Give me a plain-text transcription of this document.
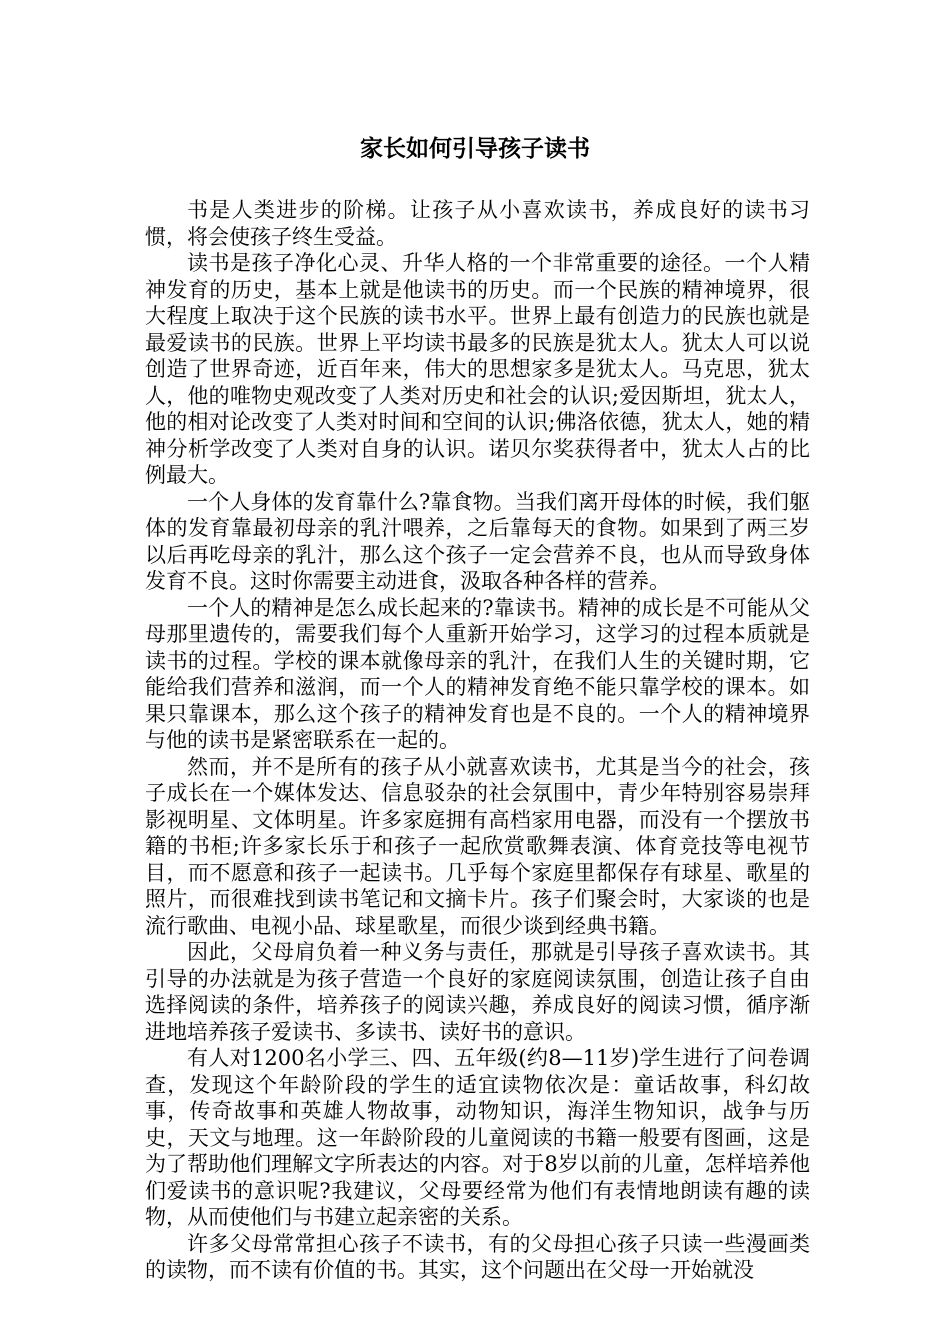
家长如何引导孩子读书

书是人类进步的阶梯。让孩子从小喜欢读书，养成良好的读书习惯，将会使孩子终生受益。

读书是孩子净化心灵、升华人格的一个非常重要的途径。一个人精神发育的历史，基本上就是他读书的历史。而一个民族的精神境界，很大程度上取决于这个民族的读书水平。世界上最有创造力的民族也就是最爱读书的民族。世界上平均读书最多的民族是犹太人。犹太人可以说创造了世界奇迹，近百年来，伟大的思想家多是犹太人。马克思，犹太人，他的唯物史观改变了人类对历史和社会的认识;爱因斯坦，犹太人，他的相对论改变了人类对时间和空间的认识;佛洛依德，犹太人，她的精神分析学改变了人类对自身的认识。诺贝尔奖获得者中，犹太人占的比例最大。

一个人身体的发育靠什么?靠食物。当我们离开母体的时候，我们躯体的发育靠最初母亲的乳汁喂养，之后靠每天的食物。如果到了两三岁以后再吃母亲的乳汁，那么这个孩子一定会营养不良，也从而导致身体发育不良。这时你需要主动进食，汲取各种各样的营养。

一个人的精神是怎么成长起来的?靠读书。精神的成长是不可能从父母那里遗传的，需要我们每个人重新开始学习，这学习的过程本质就是读书的过程。学校的课本就像母亲的乳汁，在我们人生的关键时期，它能给我们营养和滋润，而一个人的精神发育绝不能只靠学校的课本。如果只靠课本，那么这个孩子的精神发育也是不良的。一个人的精神境界与他的读书是紧密联系在一起的。

然而，并不是所有的孩子从小就喜欢读书，尤其是当今的社会，孩子成长在一个媒体发达、信息驳杂的社会氛围中，青少年特别容易崇拜影视明星、文体明星。许多家庭拥有高档家用电器，而没有一个摆放书籍的书柜;许多家长乐于和孩子一起欣赏歌舞表演、体育竞技等电视节目，而不愿意和孩子一起读书。几乎每个家庭里都保存有球星、歌星的照片，而很难找到读书笔记和文摘卡片。孩子们聚会时，大家谈的也是流行歌曲、电视小品、球星歌星，而很少谈到经典书籍。

因此，父母肩负着一种义务与责任，那就是引导孩子喜欢读书。其引导的办法就是为孩子营造一个良好的家庭阅读氛围，创造让孩子自由选择阅读的条件，培养孩子的阅读兴趣，养成良好的阅读习惯，循序渐进地培养孩子爱读书、多读书、读好书的意识。

有人对1200名小学三、四、五年级(约8—11岁)学生进行了问卷调查，发现这个年龄阶段的学生的适宜读物依次是：童话故事，科幻故事，传奇故事和英雄人物故事，动物知识，海洋生物知识，战争与历史，天文与地理。这一年龄阶段的儿童阅读的书籍一般要有图画，这是为了帮助他们理解文字所表达的内容。对于8岁以前的儿童，怎样培养他们爱读书的意识呢?我建议，父母要经常为他们有表情地朗读有趣的读物，从而使他们与书建立起亲密的关系。

许多父母常常担心孩子不读书，有的父母担心孩子只读一些漫画类的读物，而不读有价值的书。其实，这个问题出在父母一开始就没
